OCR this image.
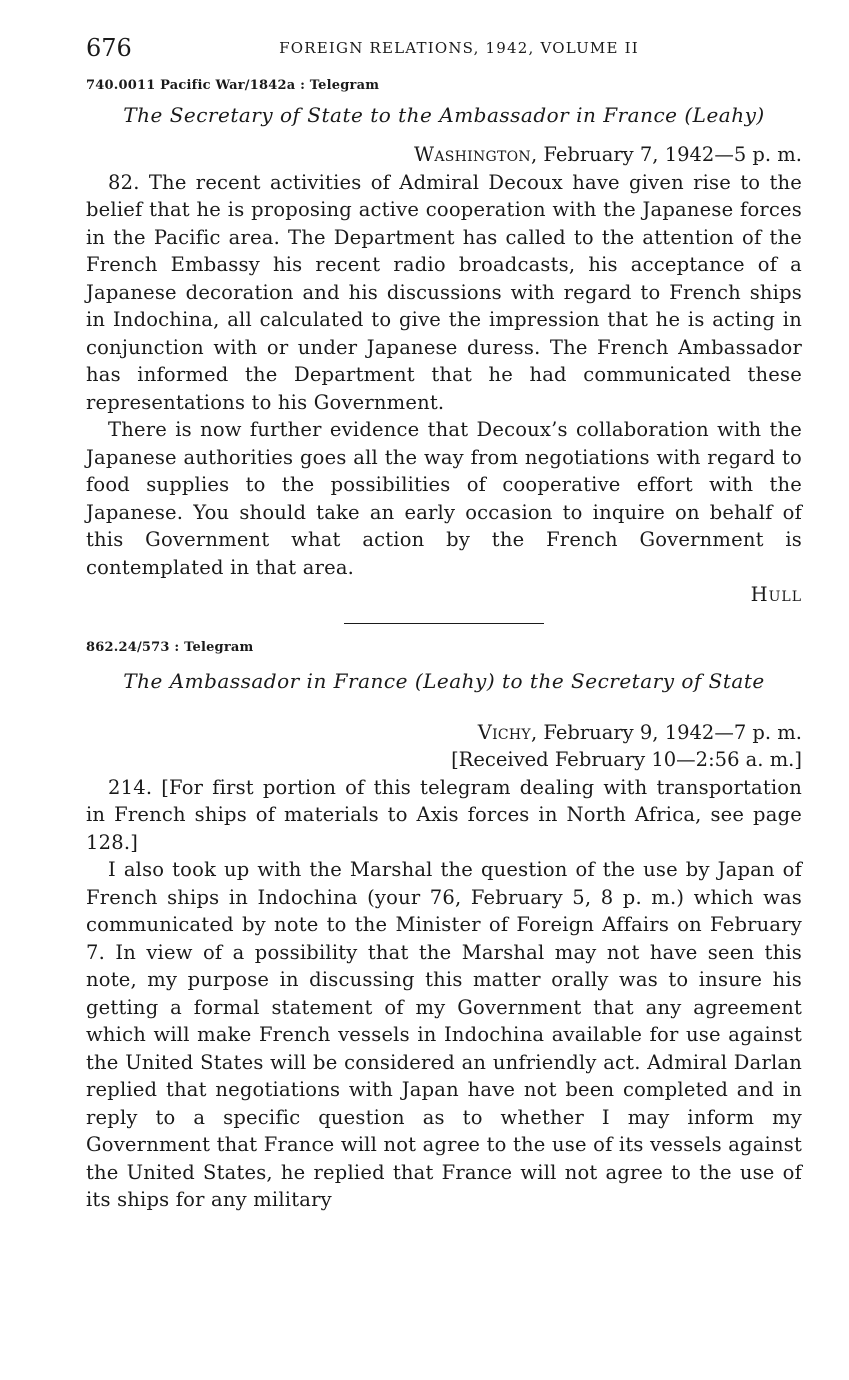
676	FOREIGN RELATIONS, 1942, VOLUME II
740.0011 Pacific War/1842a : Telegram
The Secretary of State to the Ambassador in France (Leahy)
Washington, February 7, 1942—5 p. m.

82. The recent activities of Admiral Decoux have given rise to the belief that he is proposing active cooperation with the Japanese forces in the Pacific area. The Department has called to the attention of the French Embassy his recent radio broadcasts, his acceptance of a Japanese decoration and his discussions with regard to French ships in Indochina, all calculated to give the impression that he is acting in conjunction with or under Japanese duress. The French Ambassador has informed the Department that he had communicated these representations to his Government.

There is now further evidence that Decoux’s collaboration with the Japanese authorities goes all the way from negotiations with regard to food supplies to the possibilities of cooperative effort with the Japanese. You should take an early occasion to inquire on behalf of this Government what action by the French Government is contemplated in that area.

Hull
862.24/573 : Telegram
The Ambassador in France (Leahy) to the Secretary of State
Vichy, February 9, 1942—7 p. m.
[Received February 10—2:56 a. m.]

214. [For first portion of this telegram dealing with transportation in French ships of materials to Axis forces in North Africa, see page 128.]

I also took up with the Marshal the question of the use by Japan of French ships in Indochina (your 76, February 5, 8 p. m.) which was communicated by note to the Minister of Foreign Affairs on February 7. In view of a possibility that the Marshal may not have seen this note, my purpose in discussing this matter orally was to insure his getting a formal statement of my Government that any agreement which will make French vessels in Indochina available for use against the United States will be considered an unfriendly act. Admiral Darlan replied that negotiations with Japan have not been completed and in reply to a specific question as to whether I may inform my Government that France will not agree to the use of its vessels against the United States, he replied that France will not agree to the use of its ships for any military
